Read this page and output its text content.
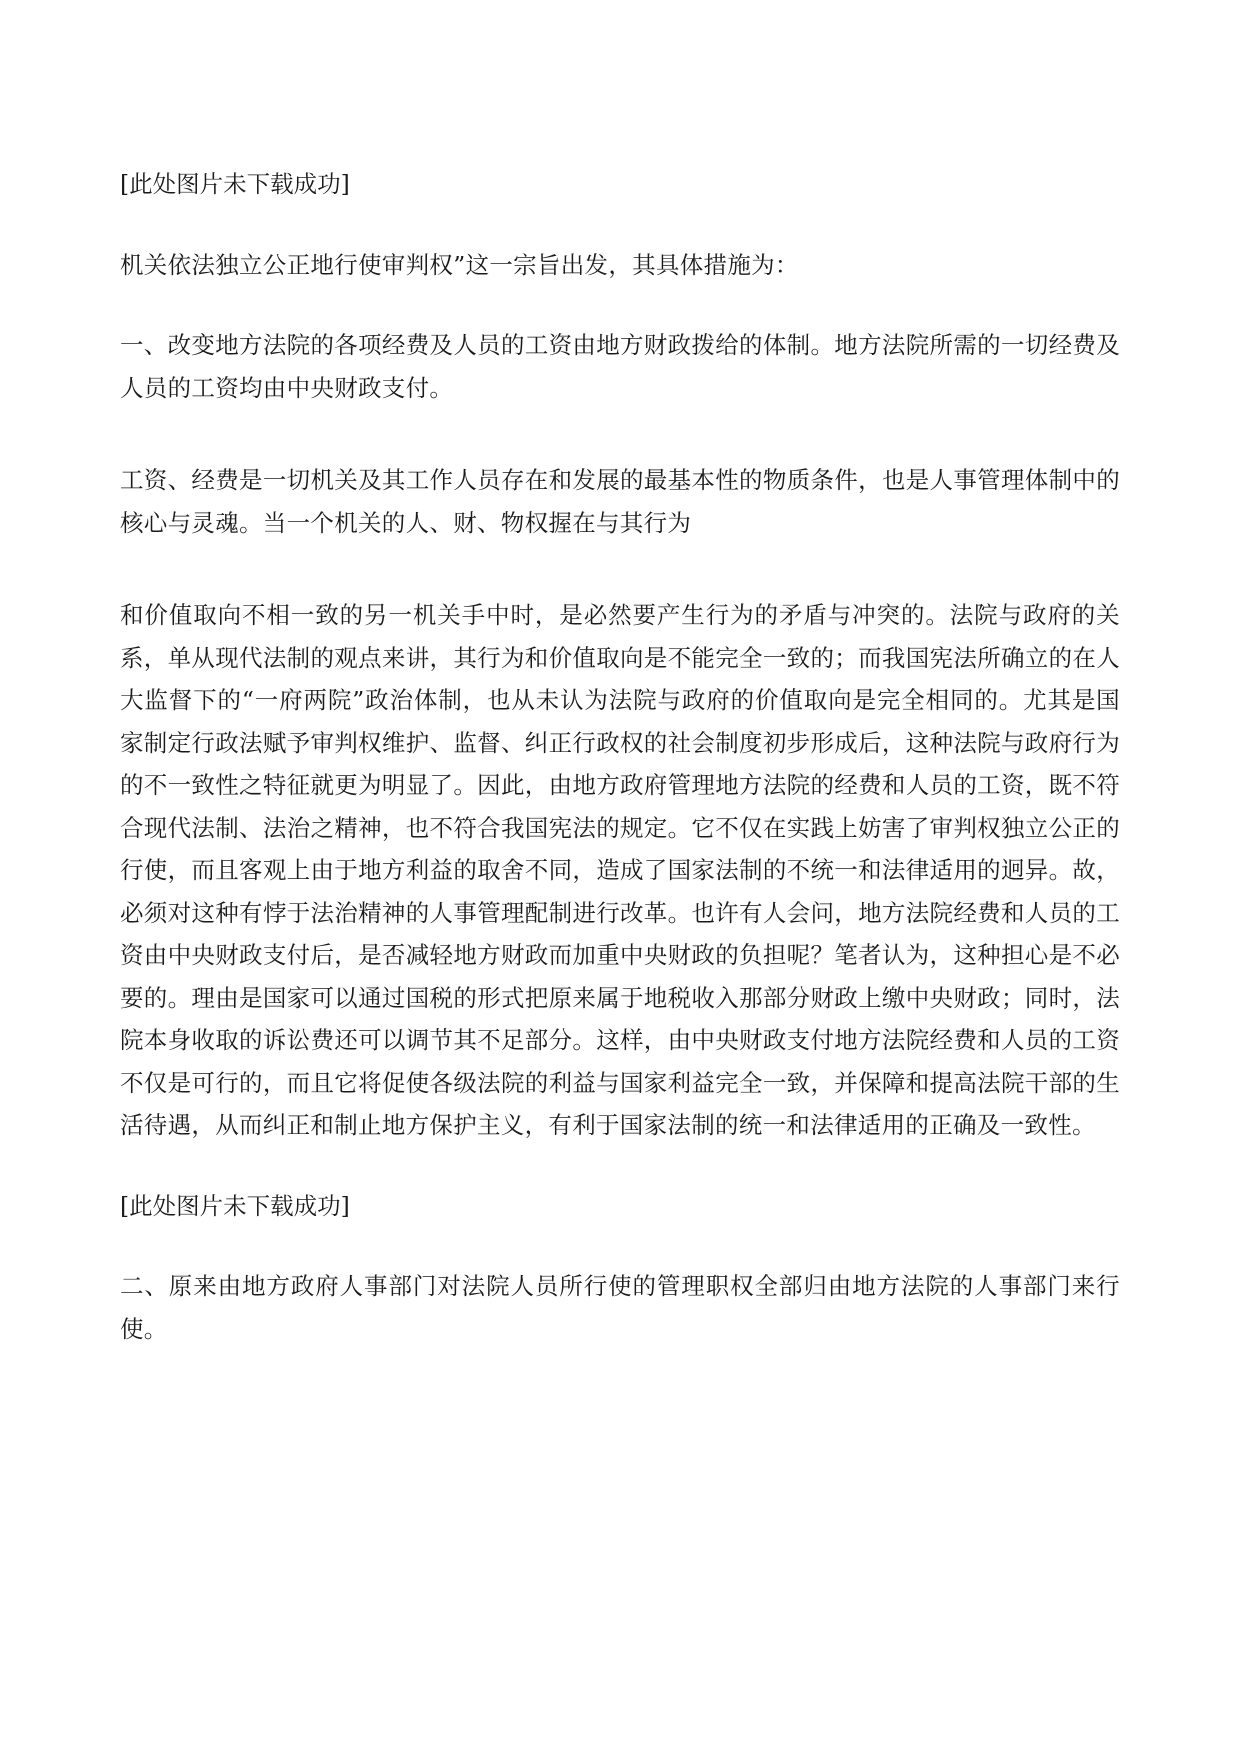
[此处图片未下载成功]

机关依法独立公正地行使审判权”这一宗旨出发，其具体措施为：

一、改变地方法院的各项经费及人员的工资由地方财政拨给的体制。地方法院所需的一切经费及人员的工资均由中央财政支付。

工资、经费是一切机关及其工作人员存在和发展的最基本性的物质条件，也是人事管理体制中的核心与灵魂。当一个机关的人、财、物权握在与其行为

和价值取向不相一致的另一机关手中时，是必然要产生行为的矛盾与冲突的。法院与政府的关系，单从现代法制的观点来讲，其行为和价值取向是不能完全一致的；而我国宪法所确立的在人大监督下的“一府两院”政治体制，也从未认为法院与政府的价值取向是完全相同的。尤其是国家制定行政法赋予审判权维护、监督、纠正行政权的社会制度初步形成后，这种法院与政府行为的不一致性之特征就更为明显了。因此，由地方政府管理地方法院的经费和人员的工资，既不符合现代法制、法治之精神，也不符合我国宪法的规定。它不仅在实践上妨害了审判权独立公正的行使，而且客观上由于地方利益的取舍不同，造成了国家法制的不统一和法律适用的迥异。故，必须对这种有悖于法治精神的人事管理配制进行改革。也许有人会问，地方法院经费和人员的工资由中央财政支付后，是否减轻地方财政而加重中央财政的负担呢？笔者认为，这种担心是不必要的。理由是国家可以通过国税的形式把原来属于地税收入那部分财政上缴中央财政；同时，法院本身收取的诉讼费还可以调节其不足部分。这样，由中央财政支付地方法院经费和人员的工资不仅是可行的，而且它将促使各级法院的利益与国家利益完全一致，并保障和提高法院干部的生活待遇，从而纠正和制止地方保护主义，有利于国家法制的统一和法律适用的正确及一致性。

[此处图片未下载成功]

二、原来由地方政府人事部门对法院人员所行使的管理职权全部归由地方法院的人事部门来行使。
